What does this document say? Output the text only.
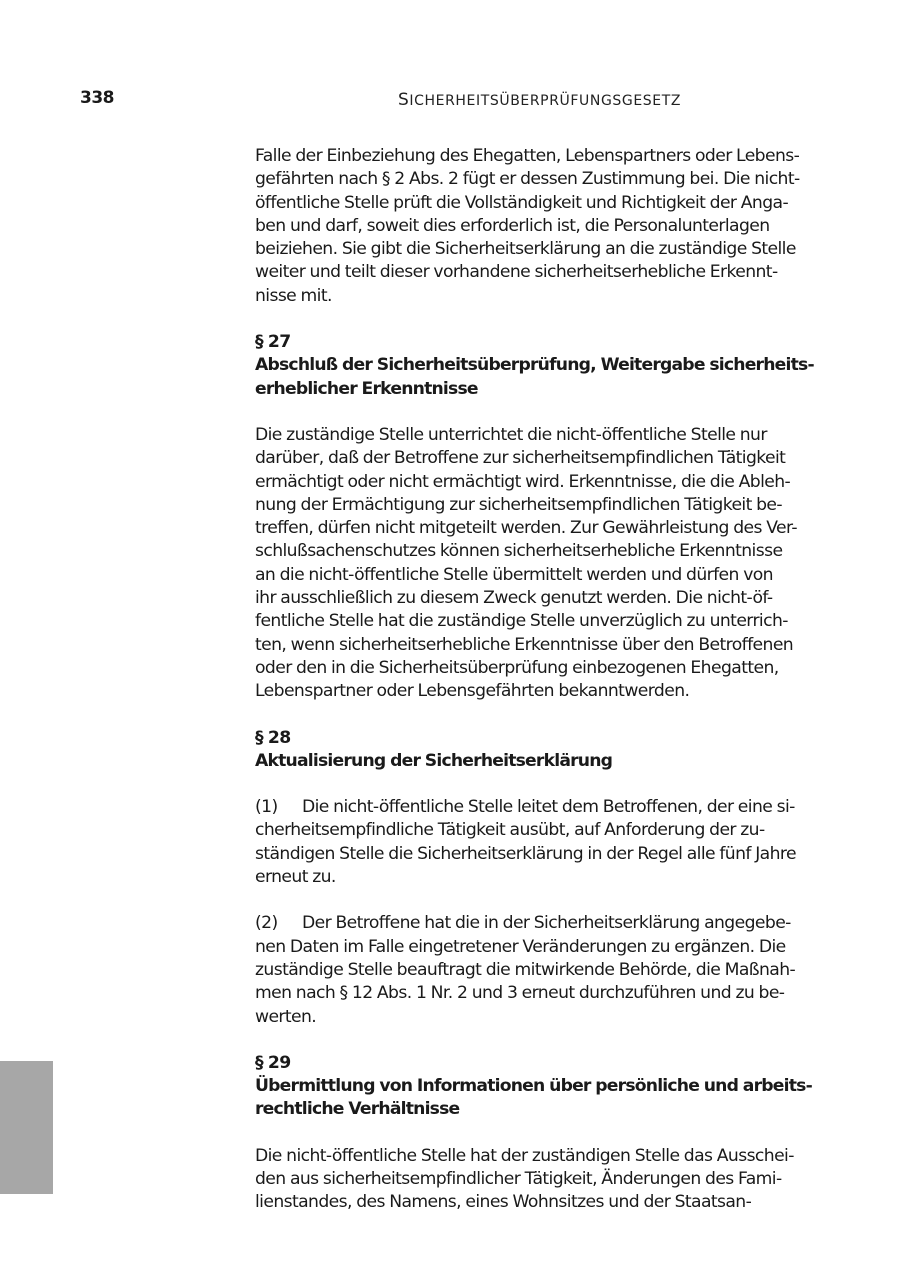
338	SICHERHEITSÜBERPRÜFUNGSGESETZ

Falle der Einbeziehung des Ehegatten, Lebenspartners oder Lebens-

gefährten nach § 2 Abs. 2 fügt er dessen Zustimmung bei. Die nicht-

öffentliche Stelle prüft die Vollständigkeit und Richtigkeit der Anga-

ben und darf, soweit dies erforderlich ist, die Personalunterlagen

beiziehen. Sie gibt die Sicherheitserklärung an die zuständige Stelle

weiter und teilt dieser vorhandene sicherheitserhebliche Erkennt-

nisse mit.

§ 27

Abschluß der Sicherheitsüberprüfung, Weitergabe sicherheits-

erheblicher Erkenntnisse

Die zuständige Stelle unterrichtet die nicht-öffentliche Stelle nur

darüber, daß der Betroffene zur sicherheitsempfindlichen Tätigkeit

ermächtigt oder nicht ermächtigt wird. Erkenntnisse, die die Ableh-

nung der Ermächtigung zur sicherheitsempfindlichen Tätigkeit be-

treffen, dürfen nicht mitgeteilt werden. Zur Gewährleistung des Ver-

schlußsachenschutzes können sicherheitserhebliche Erkenntnisse

an die nicht-öffentliche Stelle übermittelt werden und dürfen von

ihr ausschließlich zu diesem Zweck genutzt werden. Die nicht-öf-

fentliche Stelle hat die zuständige Stelle unverzüglich zu unterrich-

ten, wenn sicherheitserhebliche Erkenntnisse über den Betroffenen

oder den in die Sicherheitsüberprüfung einbezogenen Ehegatten,

Lebenspartner oder Lebensgefährten bekanntwerden.

§ 28

Aktualisierung der Sicherheitserklärung

(1) Die nicht-öffentliche Stelle leitet dem Betroffenen, der eine si-

cherheitsempfindliche Tätigkeit ausübt, auf Anforderung der zu-

ständigen Stelle die Sicherheitserklärung in der Regel alle fünf Jahre

erneut zu.

(2) Der Betroffene hat die in der Sicherheitserklärung angegebe-

nen Daten im Falle eingetretener Veränderungen zu ergänzen. Die

zuständige Stelle beauftragt die mitwirkende Behörde, die Maßnah-

men nach § 12 Abs. 1 Nr. 2 und 3 erneut durchzuführen und zu be-

werten.

§ 29

Übermittlung von Informationen über persönliche und arbeits-

rechtliche Verhältnisse

Die nicht-öffentliche Stelle hat der zuständigen Stelle das Ausschei-

den aus sicherheitsempfindlicher Tätigkeit, Änderungen des Fami-

lienstandes, des Namens, eines Wohnsitzes und der Staatsan-
